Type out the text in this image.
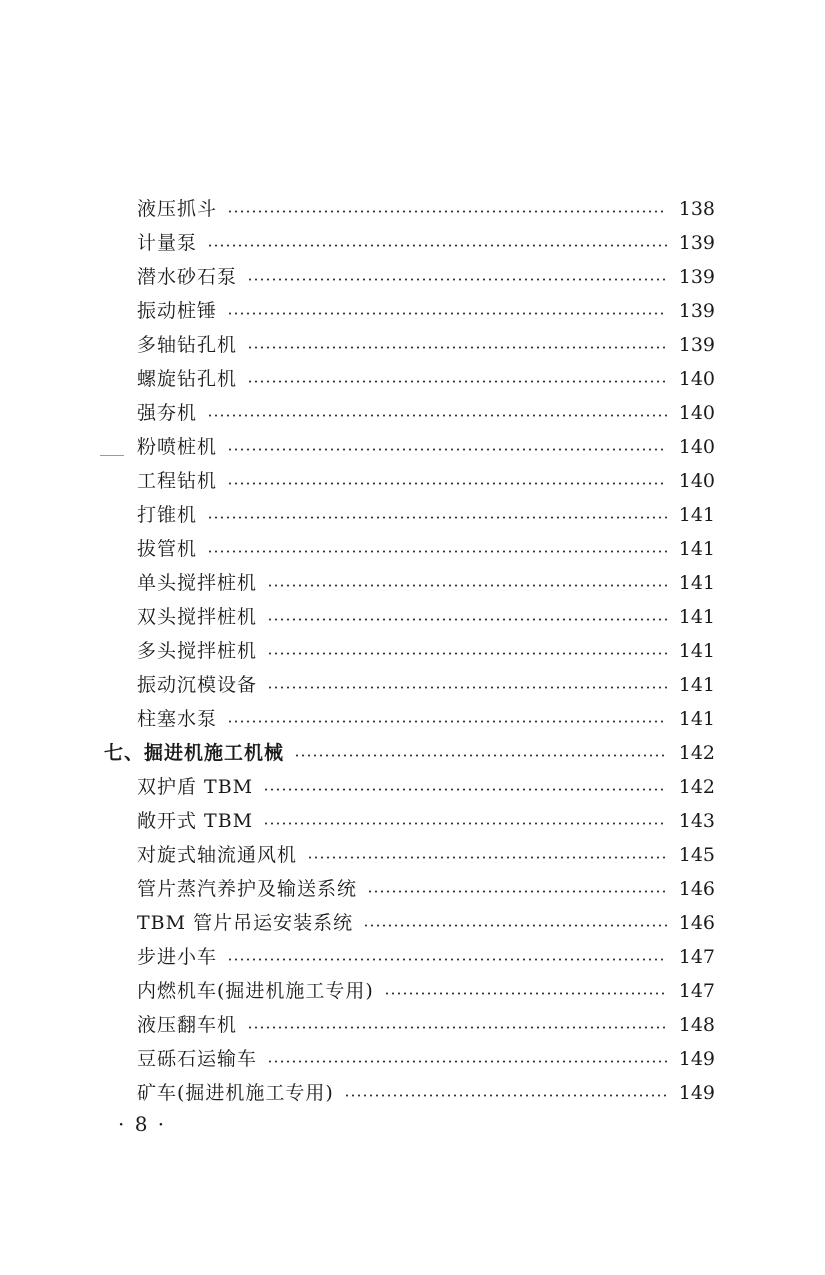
液压抓斗	138
计量泵	139
潜水砂石泵	139
振动桩锤	139
多轴钻孔机	139
螺旋钻孔机	140
强夯机	140
粉喷桩机	140
工程钻机	140
打锥机	141
拔管机	141
单头搅拌桩机	141
双头搅拌桩机	141
多头搅拌桩机	141
振动沉模设备	141
柱塞水泵	141
七、掘进机施工机械	142
双护盾 TBM	142
敞开式 TBM	143
对旋式轴流通风机	145
管片蒸汽养护及输送系统	146
TBM 管片吊运安装系统	146
步进小车	147
内燃机车(掘进机施工专用)	147
液压翻车机	148
豆砾石运输车	149
矿车(掘进机施工专用)	149
· 8 ·
